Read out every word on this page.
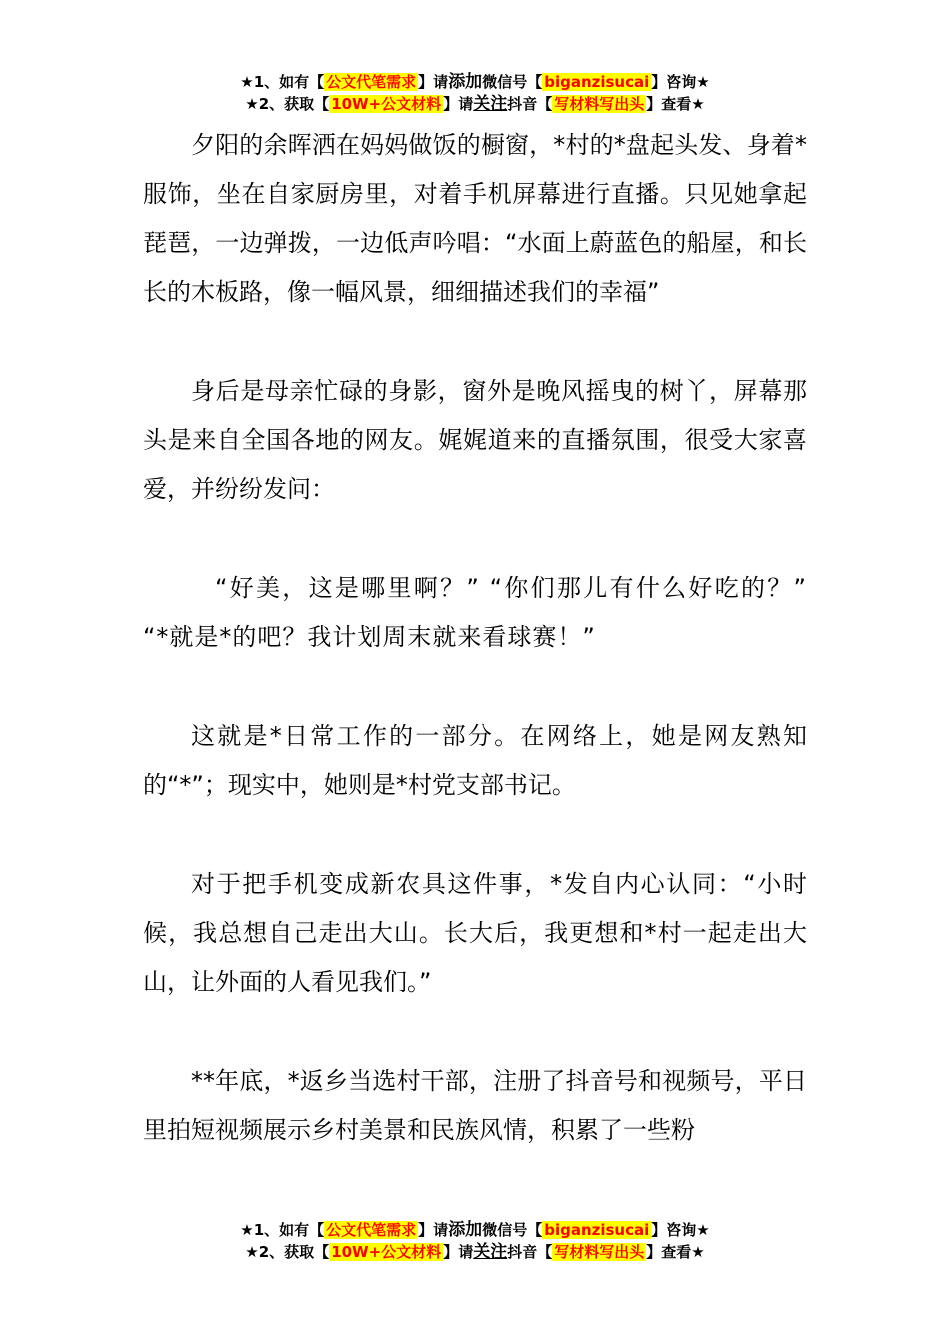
★1、如有【 公文代笔需求 】请添加微信号【 biganzisucai 】咨询★
★2、获取【 10W+公文材料 】请关注抖音【 写材料写出头 】查看★

夕阳的余晖洒在妈妈做饭的橱窗，*村的*盘起头发、身着*服饰，坐在自家厨房里，对着手机屏幕进行直播。只见她拿起琵琶，一边弹拨，一边低声吟唱：“水面上蔚蓝色的船屋，和长长的木板路，像一幅风景，细细描述我们的幸福”

身后是母亲忙碌的身影，窗外是晚风摇曳的树丫，屏幕那头是来自全国各地的网友。娓娓道来的直播氛围，很受大家喜爱，并纷纷发问：

“好美，这是哪里啊？” “你们那儿有什么好吃的？” “*就是*的吧？我计划周末就来看球赛！”

这就是*日常工作的一部分。在网络上，她是网友熟知的“*”；现实中，她则是*村党支部书记。

对于把手机变成新农具这件事，*发自内心认同：“小时候，我总想自己走出大山。长大后，我更想和*村一起走出大山，让外面的人看见我们。”

**年底，*返乡当选村干部，注册了抖音号和视频号，平日里拍短视频展示乡村美景和民族风情，积累了一些粉

★1、如有【 公文代笔需求 】请添加微信号【 biganzisucai 】咨询★
★2、获取【 10W+公文材料 】请关注抖音【 写材料写出头 】查看★
